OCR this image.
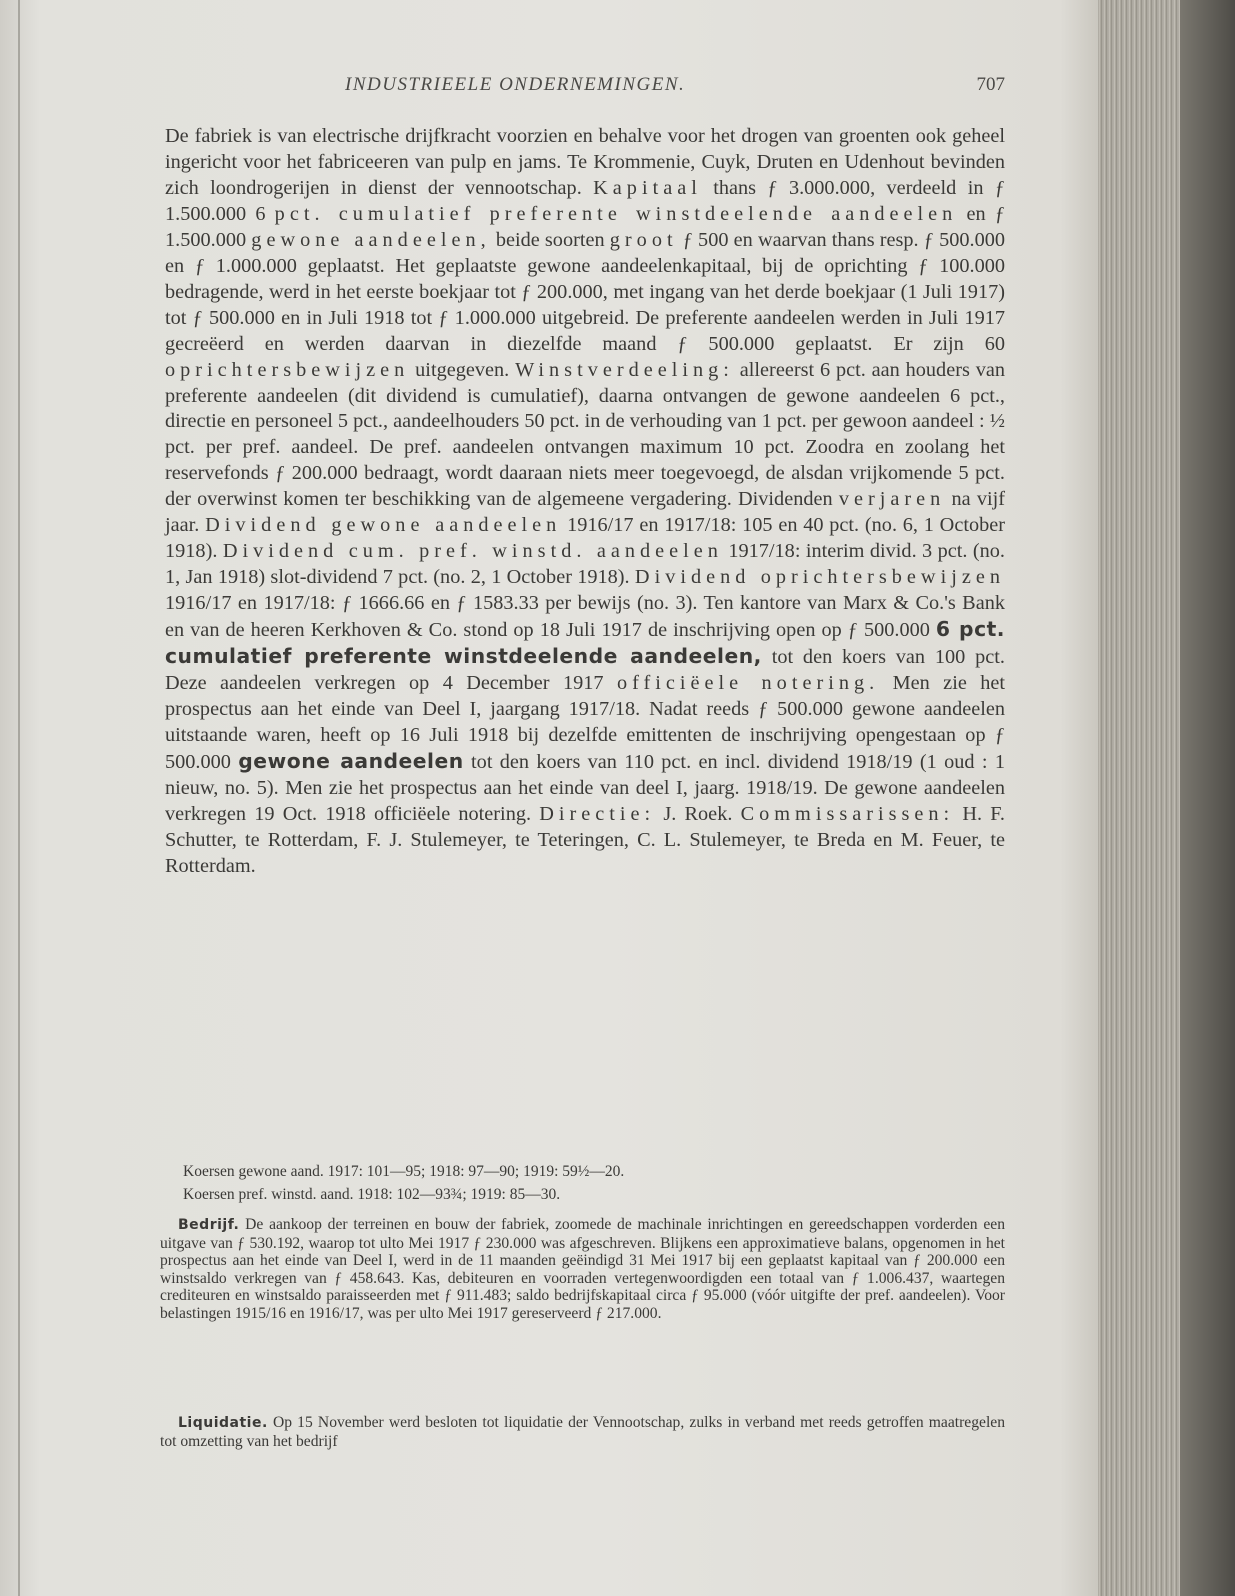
INDUSTRIEELE ONDERNEMINGEN.	707

De fabriek is van electrische drijfkracht voorzien en behalve voor het drogen van groenten ook geheel ingericht voor het fabriceeren van pulp en jams. Te Krommenie, Cuyk, Druten en Udenhout bevinden zich loondrogerijen in dienst der vennootschap. Kapitaal thans ƒ 3.000.000, verdeeld in ƒ 1.500.000 6 pct. cumulatief preferente winstdeelende aandeelen en ƒ 1.500.000 gewone aandeelen, beide soorten groot ƒ 500 en waarvan thans resp. ƒ 500.000 en ƒ 1.000.000 geplaatst. Het geplaatste gewone aandeelenkapitaal, bij de oprichting ƒ 100.000 bedragende, werd in het eerste boekjaar tot ƒ 200.000, met ingang van het derde boekjaar (1 Juli 1917) tot ƒ 500.000 en in Juli 1918 tot ƒ 1.000.000 uitgebreid. De preferente aandeelen werden in Juli 1917 gecreëerd en werden daarvan in diezelfde maand ƒ 500.000 geplaatst. Er zijn 60 oprichtersbewijzen uitgegeven. Winstverdeeling: allereerst 6 pct. aan houders van preferente aandeelen (dit dividend is cumulatief), daarna ontvangen de gewone aandeelen 6 pct., directie en personeel 5 pct., aandeelhouders 50 pct. in de verhouding van 1 pct. per gewoon aandeel : ½ pct. per pref. aandeel. De pref. aandeelen ontvangen maximum 10 pct. Zoodra en zoolang het reservefonds ƒ 200.000 bedraagt, wordt daaraan niets meer toegevoegd, de alsdan vrijkomende 5 pct. der overwinst komen ter beschikking van de algemeene vergadering. Dividenden verjaren na vijf jaar. Dividend gewone aandeelen 1916/17 en 1917/18: 105 en 40 pct. (no. 6, 1 October 1918). Dividend cum. pref. winstd. aandeelen 1917/18: interim divid. 3 pct. (no. 1, Jan 1918) slot-dividend 7 pct. (no. 2, 1 October 1918). Dividend oprichtersbewijzen 1916/17 en 1917/18: ƒ 1666.66 en ƒ 1583.33 per bewijs (no. 3). Ten kantore van Marx & Co.'s Bank en van de heeren Kerkhoven & Co. stond op 18 Juli 1917 de inschrijving open op ƒ 500.000 6 pct. cumulatief preferente winstdeelende aandeelen, tot den koers van 100 pct. Deze aandeelen verkregen op 4 December 1917 officiëele notering. Men zie het prospectus aan het einde van Deel I, jaargang 1917/18. Nadat reeds ƒ 500.000 gewone aandeelen uitstaande waren, heeft op 16 Juli 1918 bij dezelfde emittenten de inschrijving opengestaan op ƒ 500.000 gewone aandeelen tot den koers van 110 pct. en incl. dividend 1918/19 (1 oud : 1 nieuw, no. 5). Men zie het prospectus aan het einde van deel I, jaarg. 1918/19. De gewone aandeelen verkregen 19 Oct. 1918 officiëele notering. Directie: J. Roek. Commissarissen: H. F. Schutter, te Rotterdam, F. J. Stulemeyer, te Teteringen, C. L. Stulemeyer, te Breda en M. Feuer, te Rotterdam.

Koersen gewone aand. 1917: 101—95; 1918: 97—90; 1919: 59½—20.
Koersen pref. winstd. aand. 1918: 102—93¾; 1919: 85—30.

Bedrijf. De aankoop der terreinen en bouw der fabriek, zoomede de machinale inrichtingen en gereedschappen vorderden een uitgave van ƒ 530.192, waarop tot ulto Mei 1917 ƒ 230.000 was afgeschreven. Blijkens een approximatieve balans, opgenomen in het prospectus aan het einde van Deel I, werd in de 11 maanden geëindigd 31 Mei 1917 bij een geplaatst kapitaal van ƒ 200.000 een winstsaldo verkregen van ƒ 458.643. Kas, debiteuren en voorraden vertegenwoordigden een totaal van ƒ 1.006.437, waartegen crediteuren en winstsaldo paraisseerden met ƒ 911.483; saldo bedrijfskapitaal circa ƒ 95.000 (vóór uitgifte der pref. aandeelen). Voor belastingen 1915/16 en 1916/17, was per ulto Mei 1917 gereserveerd ƒ 217.000.

Liquidatie. Op 15 November werd besloten tot liquidatie der Vennootschap, zulks in verband met reeds getroffen maatregelen tot omzetting van het bedrijf
